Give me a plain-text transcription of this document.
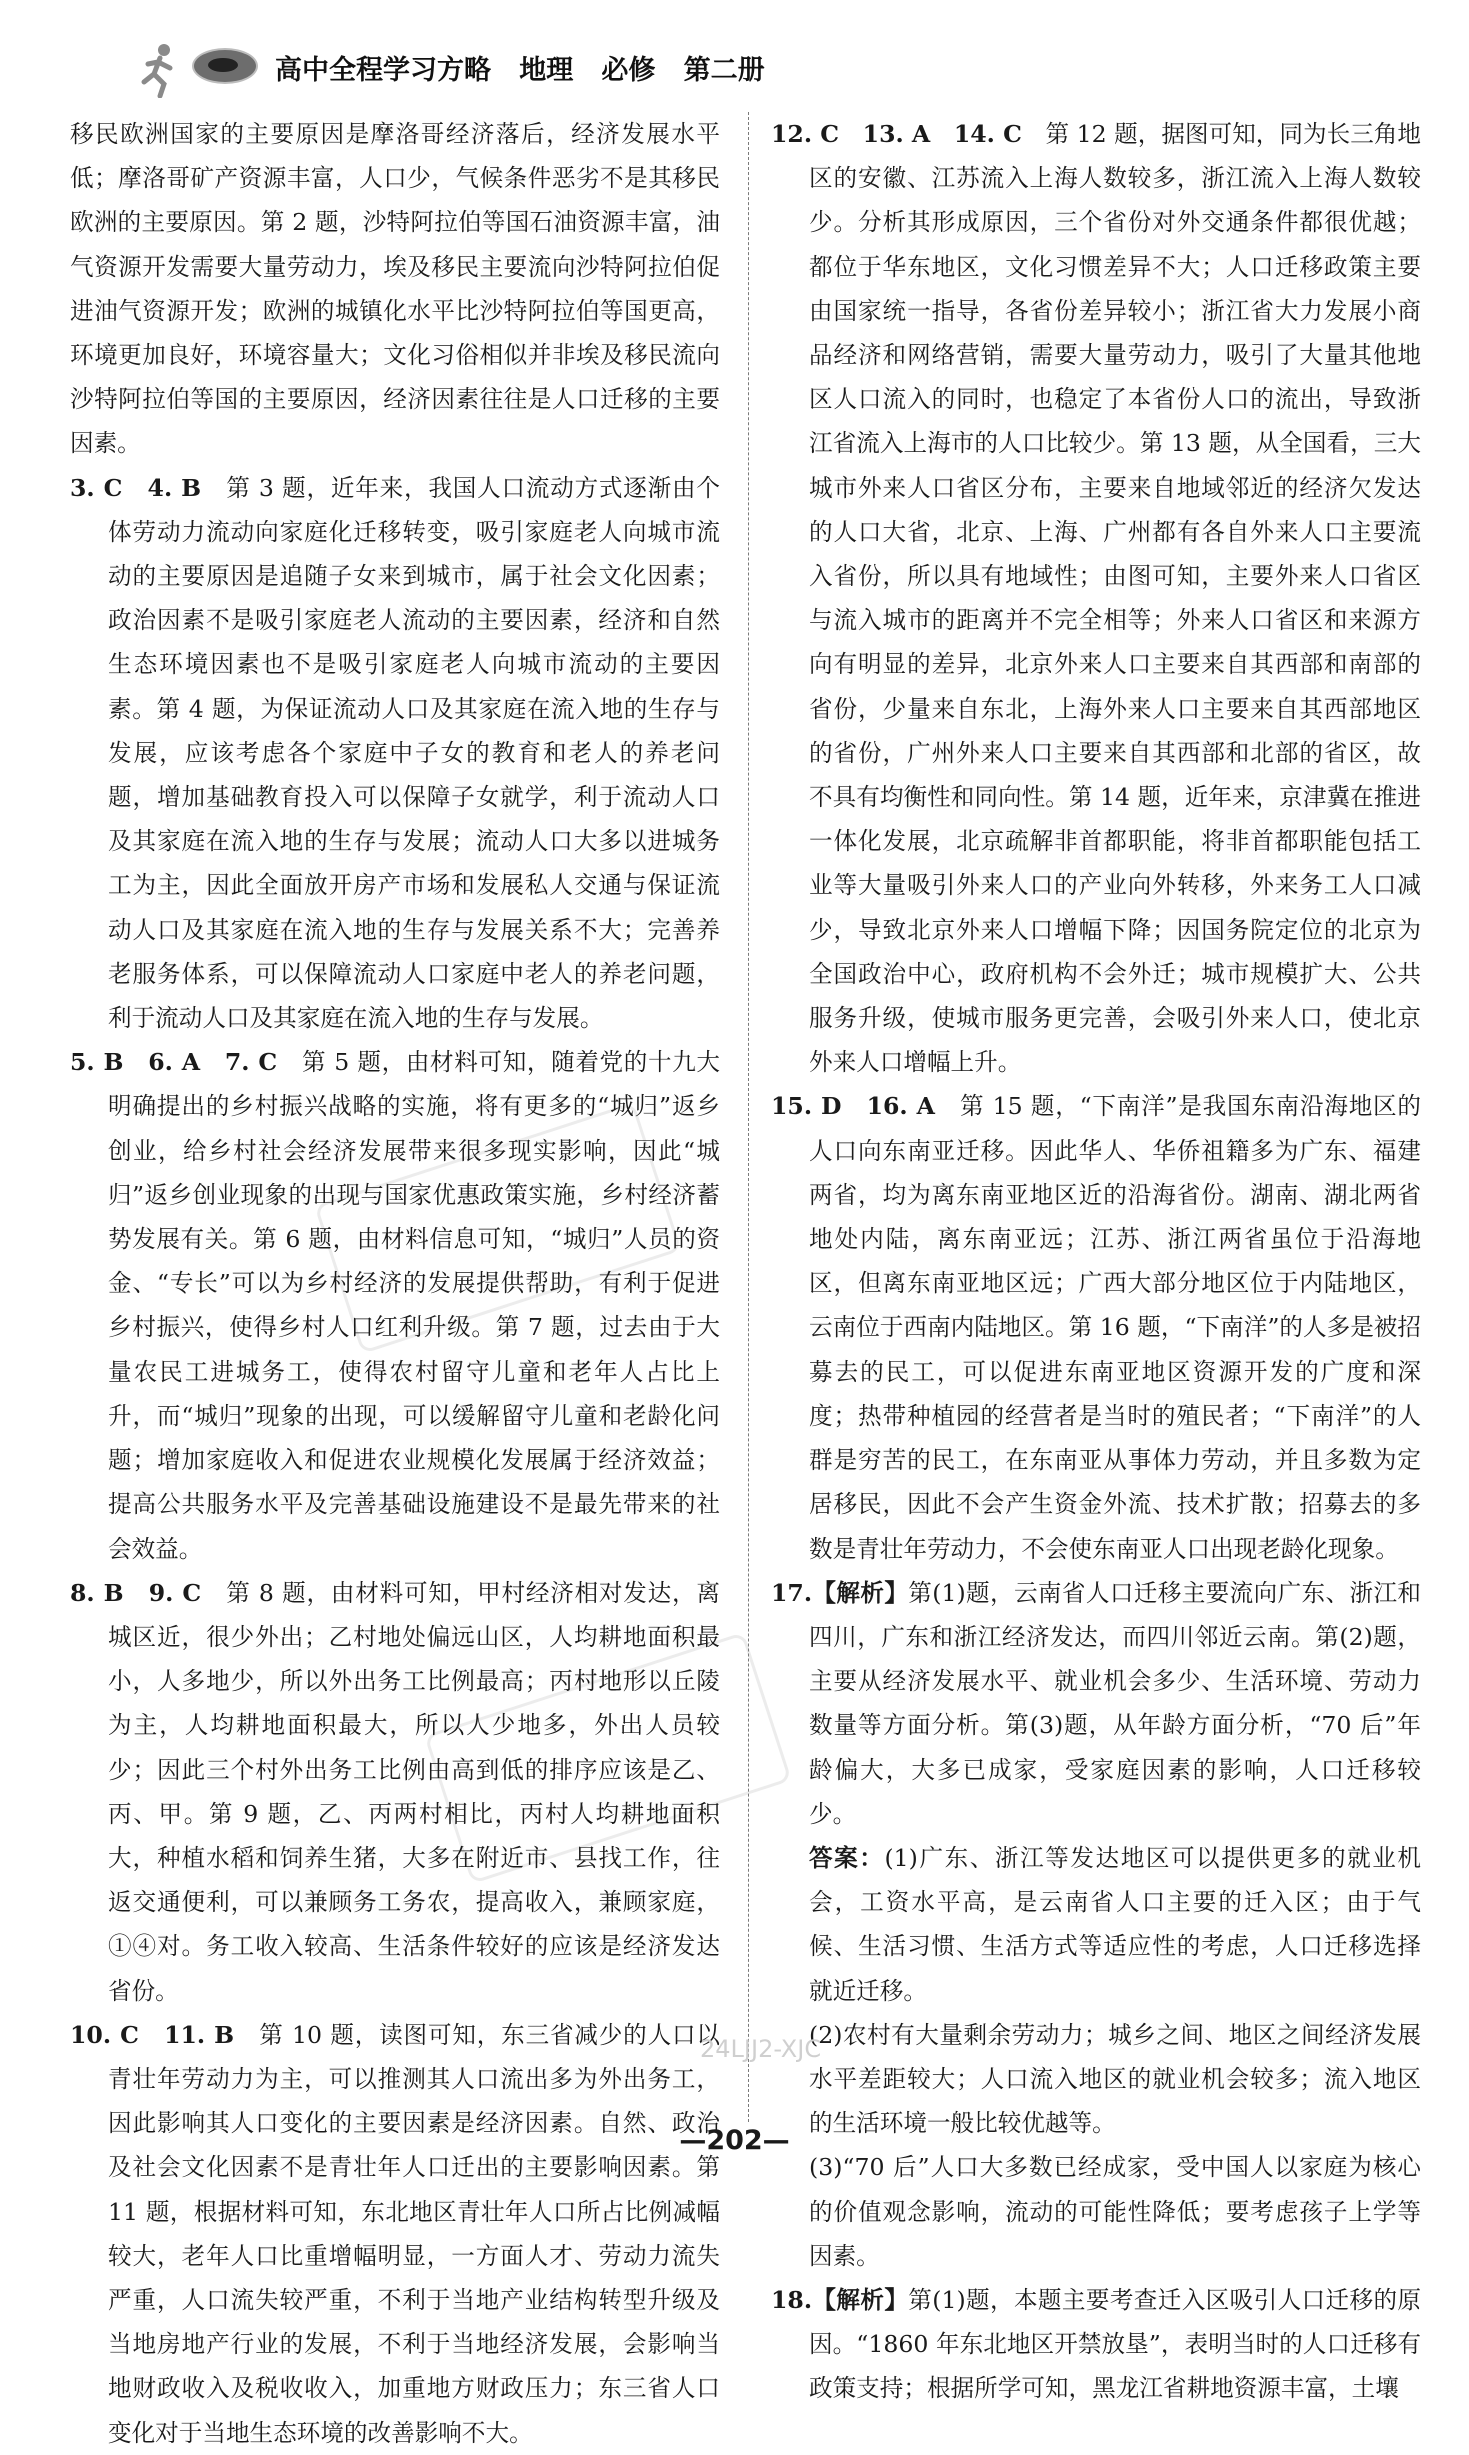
高中全程学习方略   地理   必修   第二册

移民欧洲国家的主要原因是摩洛哥经济落后，经济发展水平低；摩洛哥矿产资源丰富，人口少，气候条件恶劣不是其移民欧洲的主要原因。第 2 题，沙特阿拉伯等国石油资源丰富，油气资源开发需要大量劳动力，埃及移民主要流向沙特阿拉伯促进油气资源开发；欧洲的城镇化水平比沙特阿拉伯等国更高，环境更加良好，环境容量大；文化习俗相似并非埃及移民流向沙特阿拉伯等国的主要原因，经济因素往往是人口迁移的主要因素。

3. C　4. B　 第 3 题，近年来，我国人口流动方式逐渐由个体劳动力流动向家庭化迁移转变，吸引家庭老人向城市流动的主要原因是追随子女来到城市，属于社会文化因素；政治因素不是吸引家庭老人流动的主要因素，经济和自然生态环境因素也不是吸引家庭老人向城市流动的主要因素。第 4 题，为保证流动人口及其家庭在流入地的生存与发展，应该考虑各个家庭中子女的教育和老人的养老问题，增加基础教育投入可以保障子女就学，利于流动人口及其家庭在流入地的生存与发展；流动人口大多以进城务工为主，因此全面放开房产市场和发展私人交通与保证流动人口及其家庭在流入地的生存与发展关系不大；完善养老服务体系，可以保障流动人口家庭中老人的养老问题，利于流动人口及其家庭在流入地的生存与发展。

5. B　6. A　7. C　 第 5 题，由材料可知，随着党的十九大明确提出的乡村振兴战略的实施，将有更多的“城归”返乡创业，给乡村社会经济发展带来很多现实影响，因此“城归”返乡创业现象的出现与国家优惠政策实施，乡村经济蓄势发展有关。第 6 题，由材料信息可知，“城归”人员的资金、“专长”可以为乡村经济的发展提供帮助，有利于促进乡村振兴，使得乡村人口红利升级。第 7 题，过去由于大量农民工进城务工，使得农村留守儿童和老年人占比上升，而“城归”现象的出现，可以缓解留守儿童和老龄化问题；增加家庭收入和促进农业规模化发展属于经济效益；提高公共服务水平及完善基础设施建设不是最先带来的社会效益。

8. B　9. C　 第 8 题，由材料可知，甲村经济相对发达，离城区近，很少外出；乙村地处偏远山区，人均耕地面积最小，人多地少，所以外出务工比例最高；丙村地形以丘陵为主，人均耕地面积最大，所以人少地多，外出人员较少；因此三个村外出务工比例由高到低的排序应该是乙、丙、甲。第 9 题，乙、丙两村相比，丙村人均耕地面积大，种植水稻和饲养生猪，大多在附近市、县找工作，往返交通便利，可以兼顾务工务农，提高收入，兼顾家庭，①④对。务工收入较高、生活条件较好的应该是经济发达省份。

10. C　11. B　 第 10 题，读图可知，东三省减少的人口以青壮年劳动力为主，可以推测其人口流出多为外出务工，因此影响其人口变化的主要因素是经济因素。自然、政治及社会文化因素不是青壮年人口迁出的主要影响因素。第 11 题，根据材料可知，东北地区青壮年人口所占比例减幅较大，老年人口比重增幅明显，一方面人才、劳动力流失严重，人口流失较严重，不利于当地产业结构转型升级及当地房地产行业的发展，不利于当地经济发展，会影响当地财政收入及税收收入，加重地方财政压力；东三省人口变化对于当地生态环境的改善影响不大。

12. C　13. A　14. C　 第 12 题，据图可知，同为长三角地区的安徽、江苏流入上海人数较多，浙江流入上海人数较少。分析其形成原因，三个省份对外交通条件都很优越；都位于华东地区，文化习惯差异不大；人口迁移政策主要由国家统一指导，各省份差异较小；浙江省大力发展小商品经济和网络营销，需要大量劳动力，吸引了大量其他地区人口流入的同时，也稳定了本省份人口的流出，导致浙江省流入上海市的人口比较少。第 13 题，从全国看，三大城市外来人口省区分布，主要来自地域邻近的经济欠发达的人口大省，北京、上海、广州都有各自外来人口主要流入省份，所以具有地域性；由图可知，主要外来人口省区与流入城市的距离并不完全相等；外来人口省区和来源方向有明显的差异，北京外来人口主要来自其西部和南部的省份，少量来自东北，上海外来人口主要来自其西部地区的省份，广州外来人口主要来自其西部和北部的省区，故不具有均衡性和同向性。第 14 题，近年来，京津冀在推进一体化发展，北京疏解非首都职能，将非首都职能包括工业等大量吸引外来人口的产业向外转移，外来务工人口减少，导致北京外来人口增幅下降；因国务院定位的北京为全国政治中心，政府机构不会外迁；城市规模扩大、公共服务升级，使城市服务更完善，会吸引外来人口，使北京外来人口增幅上升。

15. D　16. A　 第 15 题，“下南洋”是我国东南沿海地区的人口向东南亚迁移。因此华人、华侨祖籍多为广东、福建两省，均为离东南亚地区近的沿海省份。湖南、湖北两省地处内陆，离东南亚远；江苏、浙江两省虽位于沿海地区，但离东南亚地区远；广西大部分地区位于内陆地区，云南位于西南内陆地区。第 16 题，“下南洋”的人多是被招募去的民工，可以促进东南亚地区资源开发的广度和深度；热带种植园的经营者是当时的殖民者；“下南洋”的人群是穷苦的民工，在东南亚从事体力劳动，并且多数为定居移民，因此不会产生资金外流、技术扩散；招募去的多数是青壮年劳动力，不会使东南亚人口出现老龄化现象。

17.【解析】第(1)题，云南省人口迁移主要流向广东、浙江和四川，广东和浙江经济发达，而四川邻近云南。第(2)题，主要从经济发展水平、就业机会多少、生活环境、劳动力数量等方面分析。第(3)题，从年龄方面分析，“70 后”年龄偏大，大多已成家，受家庭因素的影响，人口迁移较少。

答案：(1)广东、浙江等发达地区可以提供更多的就业机会，工资水平高，是云南省人口主要的迁入区；由于气候、生活习惯、生活方式等适应性的考虑，人口迁移选择就近迁移。

(2)农村有大量剩余劳动力；城乡之间、地区之间经济发展水平差距较大；人口流入地区的就业机会较多；流入地区的生活环境一般比较优越等。

(3)“70 后”人口大多数已经成家，受中国人以家庭为核心的价值观念影响，流动的可能性降低；要考虑孩子上学等因素。

18.【解析】第(1)题，本题主要考查迁入区吸引人口迁移的原因。“1860 年东北地区开禁放垦”，表明当时的人口迁移有政策支持；根据所学可知，黑龙江省耕地资源丰富，土壤

24LJJ2-XJC
—202—
